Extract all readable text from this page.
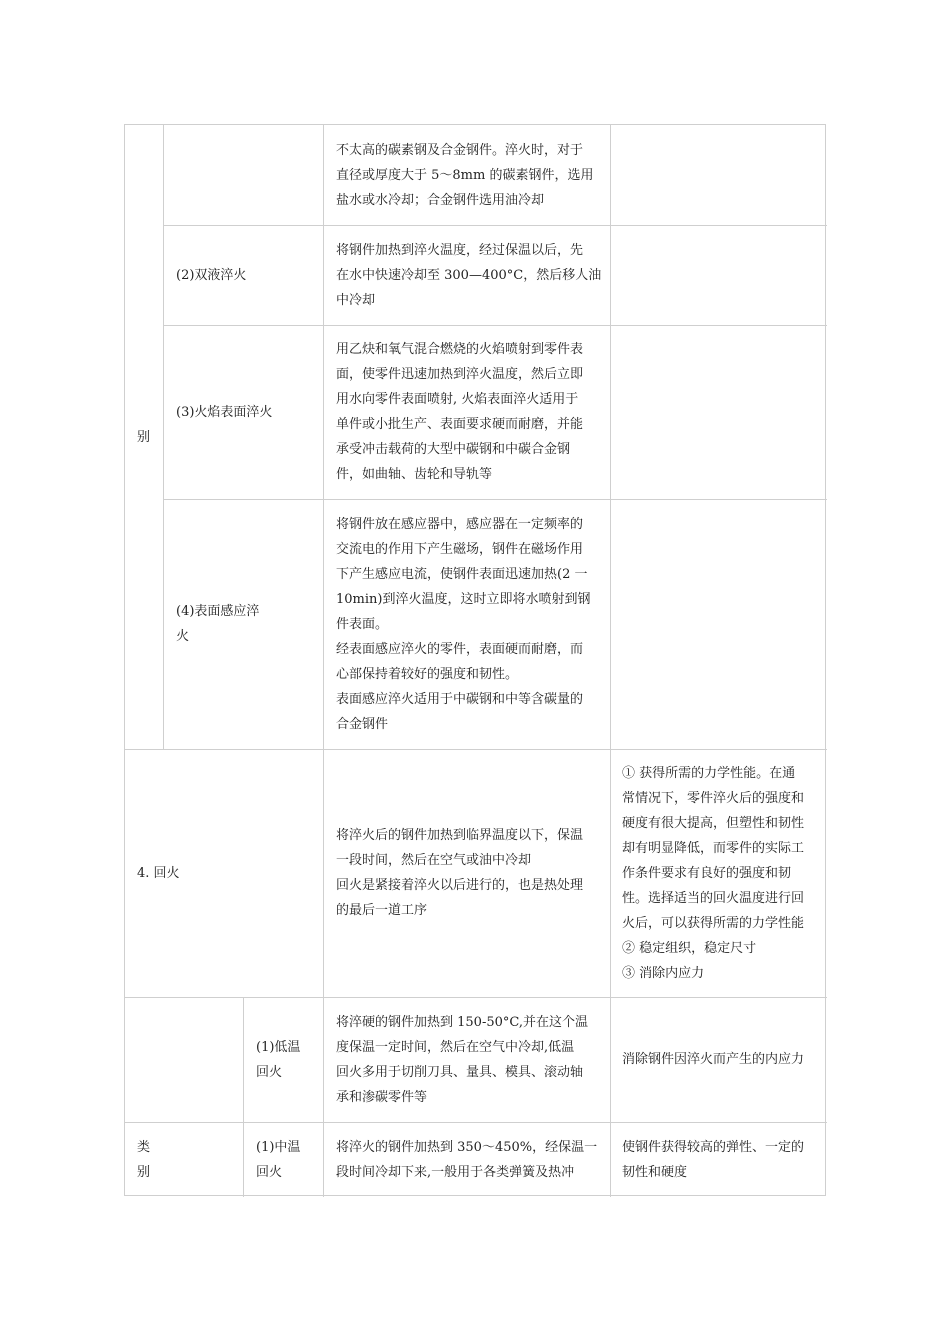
别
不太高的碳素钢及合金钢件。淬火时，对于
直径或厚度大于 5～8mm 的碳素钢件，选用
盐水或水冷却；合金钢件选用油冷却
(2)双液淬火
将钢件加热到淬火温度，经过保温以后，先
在水中快速冷却至 300—400°C，然后移人油
中冷却
(3)火焰表面淬火
用乙炔和氧气混合燃烧的火焰喷射到零件表
面，使零件迅速加热到淬火温度，然后立即
用水向零件表面喷射, 火焰表面淬火适用于
单件或小批生产、表面要求硬而耐磨，并能
承受冲击载荷的大型中碳钢和中碳合金钢
件，如曲轴、齿轮和导轨等
(4)表面感应淬
火
将钢件放在感应器中，感应器在一定频率的
交流电的作用下产生磁场，钢件在磁场作用
下产生感应电流，使钢件表面迅速加热(2 一
10min)到淬火温度，这时立即将水喷射到钢
件表面。
经表面感应淬火的零件，表面硬而耐磨，而
心部保持着较好的强度和韧性。
表面感应淬火适用于中碳钢和中等含碳量的
合金钢件
4. 回火
将淬火后的钢件加热到临界温度以下，保温
一段时间，然后在空气或油中冷却
回火是紧接着淬火以后进行的，也是热处理
的最后一道工序
① 获得所需的力学性能。在通
常情况下，零件淬火后的强度和
硬度有很大提高，但塑性和韧性
却有明显降低，而零件的实际工
作条件要求有良好的强度和韧
性。选择适当的回火温度进行回
火后，可以获得所需的力学性能
② 稳定组织，稳定尺寸
③ 消除内应力
(1)低温
回火
将淬硬的钢件加热到 150-50°C,并在这个温
度保温一定时间，然后在空气中冷却,低温
回火多用于切削刀具、量具、模具、滚动轴
承和渗碳零件等
消除钢件因淬火而产生的内应力
类
别
(1)中温
回火
将淬火的钢件加热到 350～450%，经保温一
段时间冷却下来,一般用于各类弹簧及热冲
使钢件获得较高的弹性、一定的
韧性和硬度
